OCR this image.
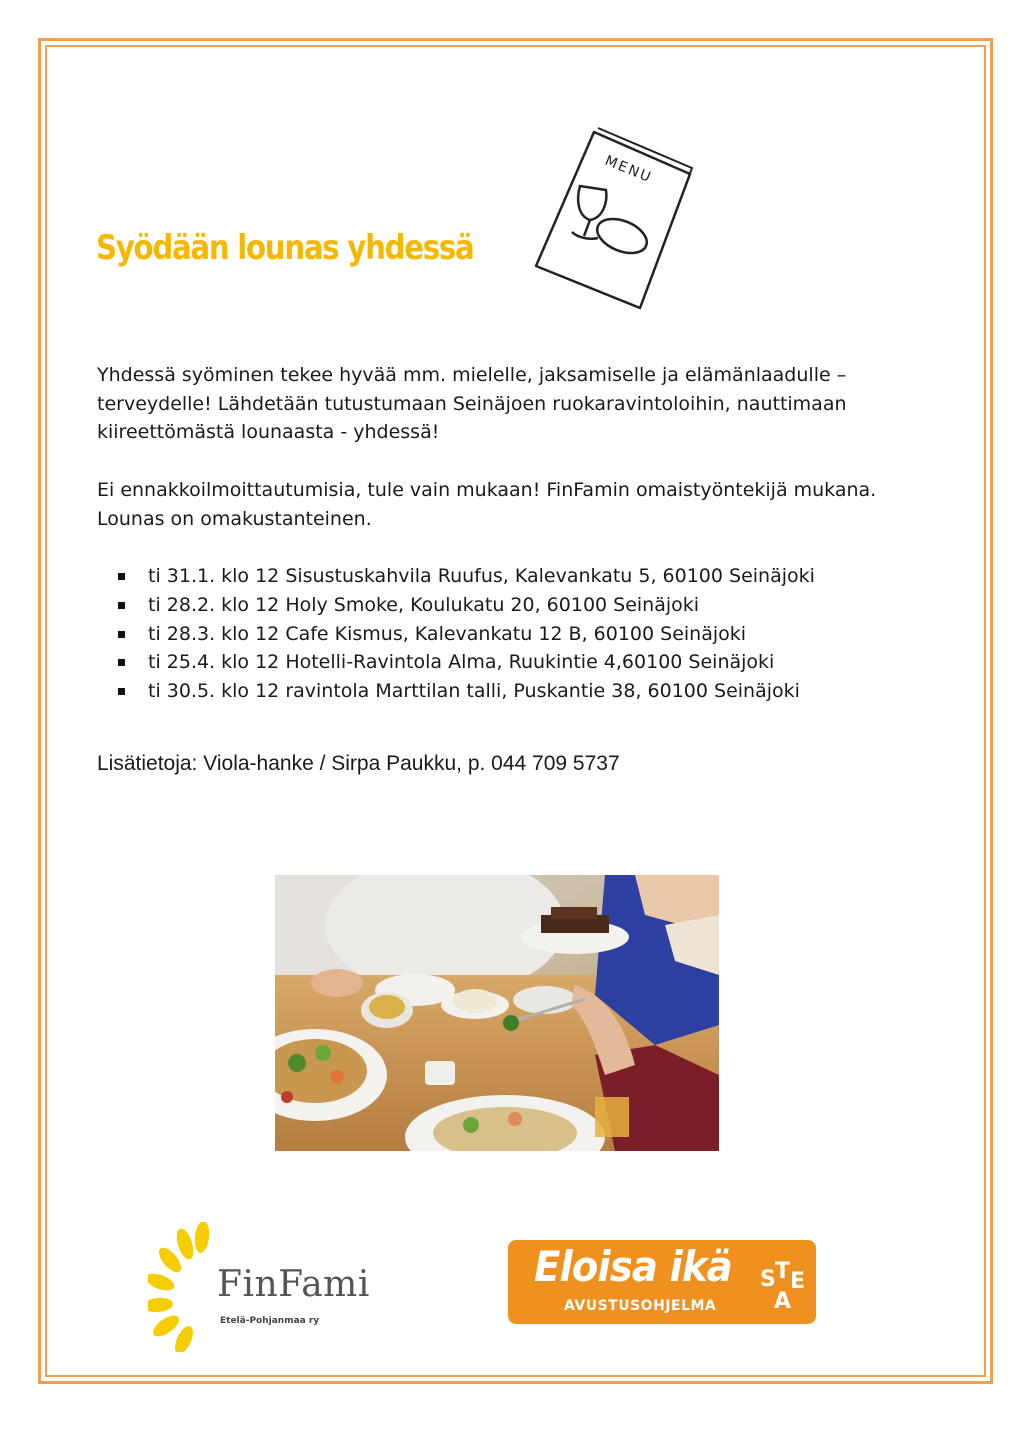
Syödään lounas yhdessä
MENU

Yhdessä syöminen tekee hyvää mm. mielelle, jaksamiselle ja elämänlaadulle – terveydelle! Lähdetään tutustumaan Seinäjoen ruokaravintoloihin, nauttimaan kiireettömästä lounaasta - yhdessä!

Ei ennakkoilmoittautumisia, tule vain mukaan! FinFamin omaistyöntekijä mukana. Lounas on omakustanteinen.

ti 31.1. klo 12 Sisustuskahvila Ruufus, Kalevankatu 5, 60100 Seinäjoki
ti 28.2. klo 12 Holy Smoke, Koulukatu 20, 60100 Seinäjoki
ti 28.3. klo 12 Cafe Kismus, Kalevankatu 12 B, 60100 Seinäjoki
ti 25.4. klo 12 Hotelli-Ravintola Alma, Ruukintie 4,60100 Seinäjoki
ti 30.5. klo 12 ravintola Marttilan talli, Puskantie 38, 60100 Seinäjoki

Lisätietoja: Viola-hanke / Sirpa Paukku, p. 044 709 5737

FinFami
Etelä-Pohjanmaa ry
Eloisa ikä
AVUSTUSOHJELMA
S T E
A
